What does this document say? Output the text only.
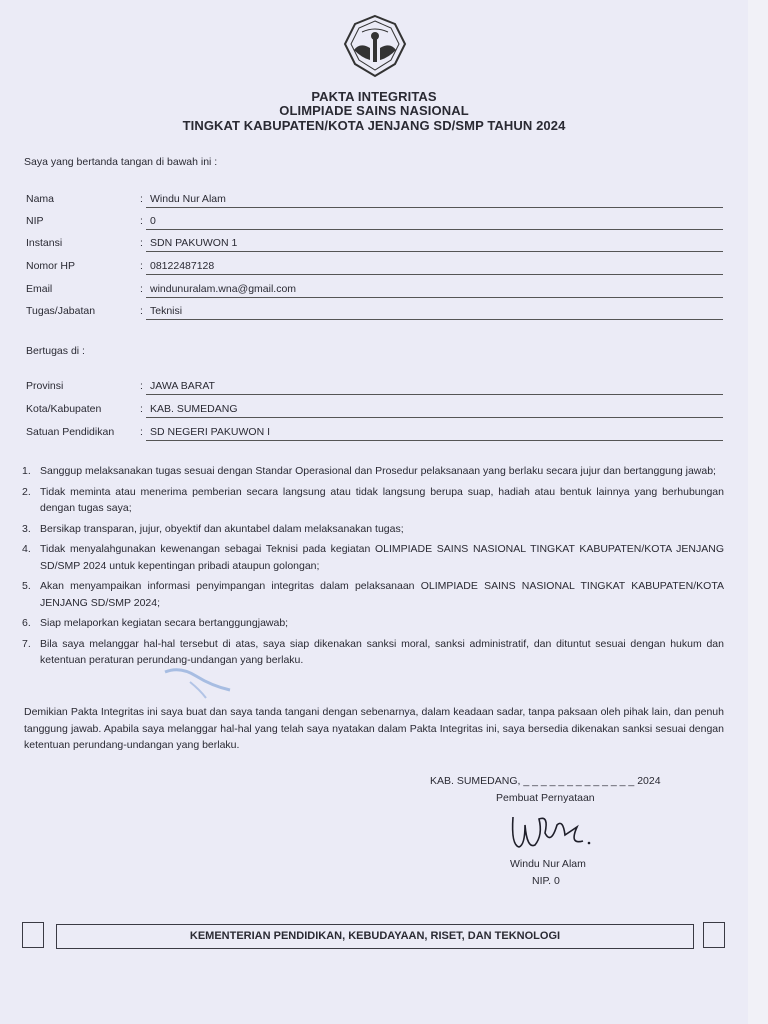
PAKTA INTEGRITAS
OLIMPIADE SAINS NASIONAL
TINGKAT KABUPATEN/KOTA JENJANG SD/SMP TAHUN 2024
Saya yang bertanda tangan di bawah ini :
Nama	: Windu Nur Alam
NIP	: 0
Instansi	: SDN PAKUWON 1
Nomor HP	: 08122487128
Email	: windunuralam.wna@gmail.com
Tugas/Jabatan	: Teknisi
Bertugas di :
Provinsi	: JAWA BARAT
Kota/Kabupaten	: KAB. SUMEDANG
Satuan Pendidikan : SD NEGERI PAKUWON I
1. Sanggup melaksanakan tugas sesuai dengan Standar Operasional dan Prosedur pelaksanaan yang berlaku secara jujur dan bertanggung jawab;
2. Tidak meminta atau menerima pemberian secara langsung atau tidak langsung berupa suap, hadiah atau bentuk lainnya yang berhubungan dengan tugas saya;
3. Bersikap transparan, jujur, obyektif dan akuntabel dalam melaksanakan tugas;
4. Tidak menyalahgunakan kewenangan sebagai Teknisi pada kegiatan OLIMPIADE SAINS NASIONAL TINGKAT KABUPATEN/KOTA JENJANG SD/SMP 2024 untuk kepentingan pribadi ataupun golongan;
5. Akan menyampaikan informasi penyimpangan integritas dalam pelaksanaan OLIMPIADE SAINS NASIONAL TINGKAT KABUPATEN/KOTA JENJANG SD/SMP 2024;
6. Siap melaporkan kegiatan secara bertanggungjawab;
7. Bila saya melanggar hal-hal tersebut di atas, saya siap dikenakan sanksi moral, sanksi administratif, dan dituntut sesuai dengan hukum dan ketentuan peraturan perundang-undangan yang berlaku.
Demikian Pakta Integritas ini saya buat dan saya tanda tangani dengan sebenarnya, dalam keadaan sadar, tanpa paksaan oleh pihak lain, dan penuh tanggung jawab. Apabila saya melanggar hal-hal yang telah saya nyatakan dalam Pakta Integritas ini, saya bersedia dikenakan sanksi sesuai dengan ketentuan perundang-undangan yang berlaku.
KAB. SUMEDANG, _ _ _ _ _ _ _ _ _ _ _ _ _ 2024
Pembuat Pernyataan
Windu Nur Alam
NIP. 0
KEMENTERIAN PENDIDIKAN, KEBUDAYAAN, RISET, DAN TEKNOLOGI
